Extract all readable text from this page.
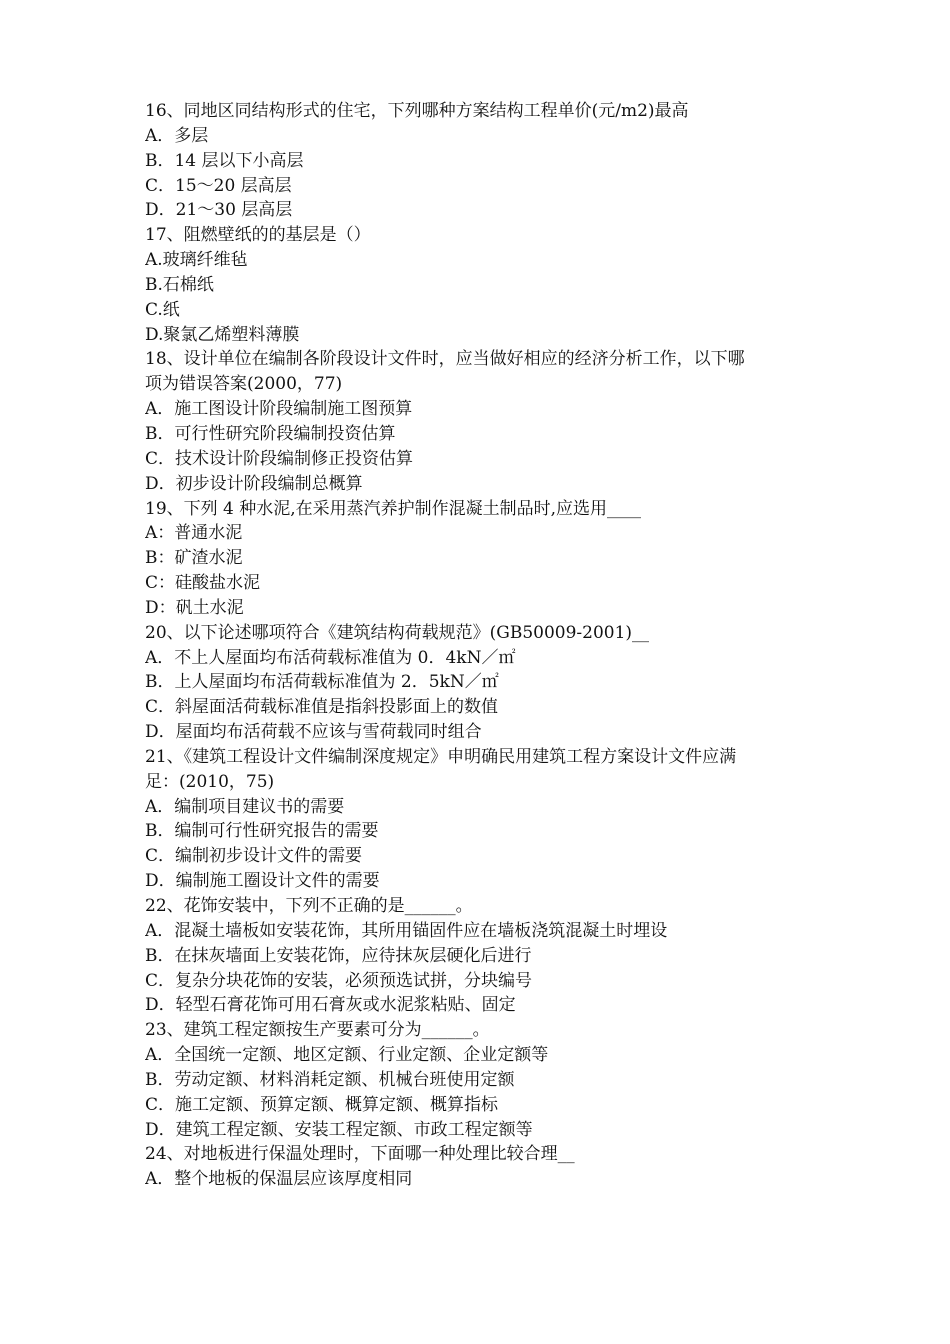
16、同地区同结构形式的住宅，下列哪种方案结构工程单价(元/m2)最高
A．多层
B．14 层以下小高层
C．15～20 层高层
D．21～30 层高层
17、阻燃壁纸的的基层是（）
A.玻璃纤维毡
B.石棉纸
C.纸
D.聚氯乙烯塑料薄膜
18、设计单位在编制各阶段设计文件时，应当做好相应的经济分析工作，以下哪
项为错误答案(2000，77)
A．施工图设计阶段编制施工图预算
B．可行性研究阶段编制投资估算
C．技术设计阶段编制修正投资估算
D．初步设计阶段编制总概算
19、下列 4 种水泥,在采用蒸汽养护制作混凝土制品时,应选用____
A：普通水泥
B：矿渣水泥
C：硅酸盐水泥
D：矾土水泥
20、以下论述哪项符合《建筑结构荷载规范》(GB50009-2001)__
A．不上人屋面均布活荷载标准值为 0．4kN／㎡
B．上人屋面均布活荷载标准值为 2．5kN／㎡
C．斜屋面活荷载标准值是指斜投影面上的数值
D．屋面均布活荷载不应该与雪荷载同时组合
21、《建筑工程设计文件编制深度规定》申明确民用建筑工程方案设计文件应满
足：(2010，75)
A．编制项目建议书的需要
B．编制可行性研究报告的需要
C．编制初步设计文件的需要
D．编制施工圈设计文件的需要
22、花饰安装中，下列不正确的是______。
A．混凝土墙板如安装花饰，其所用锚固件应在墙板浇筑混凝土时埋设
B．在抹灰墙面上安装花饰，应待抹灰层硬化后进行
C．复杂分块花饰的安装，必须预选试拼，分块编号
D．轻型石膏花饰可用石膏灰或水泥浆粘贴、固定
23、建筑工程定额按生产要素可分为______。
A．全国统一定额、地区定额、行业定额、企业定额等
B．劳动定额、材料消耗定额、机械台班使用定额
C．施工定额、预算定额、概算定额、概算指标
D．建筑工程定额、安装工程定额、市政工程定额等
24、对地板进行保温处理时，下面哪一种处理比较合理__
A．整个地板的保温层应该厚度相同
